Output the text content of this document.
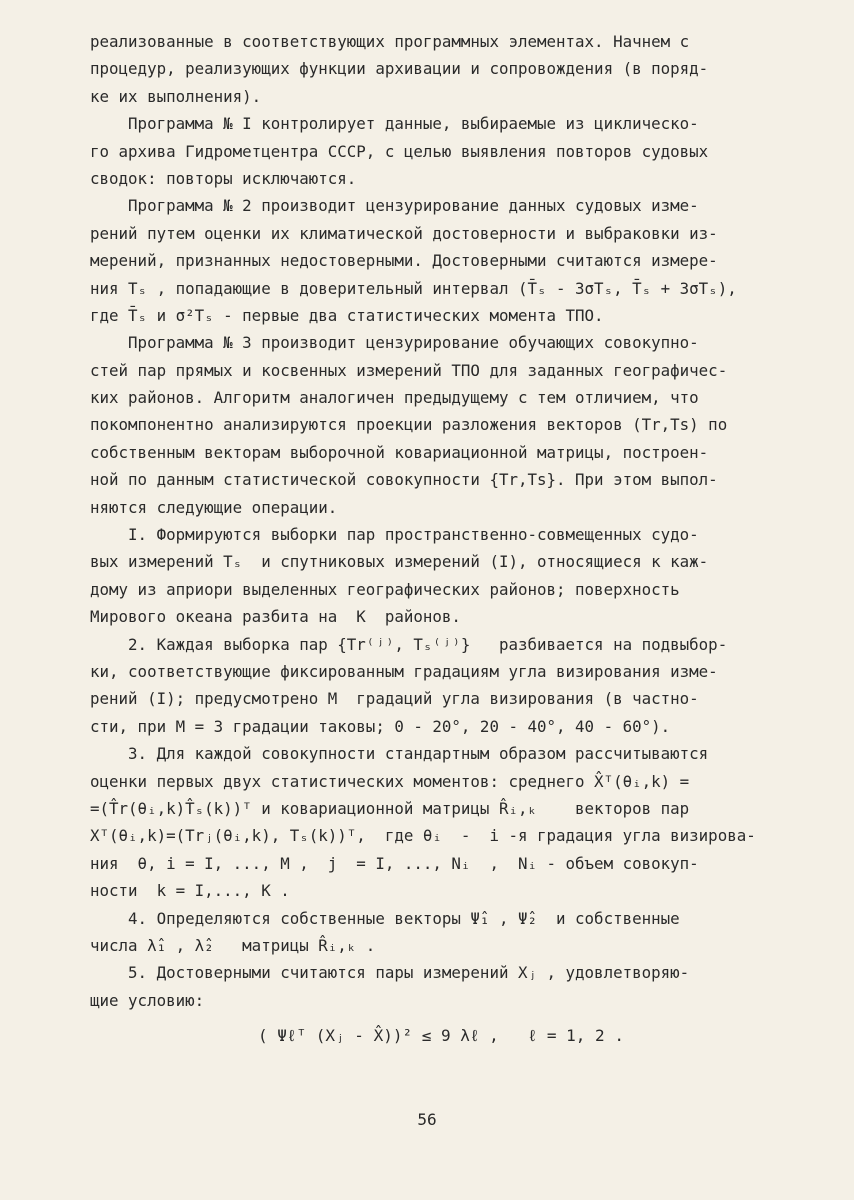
реализованные в соответствующих программных элементах. Начнем с
процедур, реализующих функции архивации и сопровождения (в поряд-
ке их выполнения).
Программа № I контролирует данные, выбираемые из циклическо-
го архива Гидрометцентра СССР, с целью выявления повторов судовых
сводок: повторы исключаются.
Программа № 2 производит цензурирование данных судовых изме-
рений путем оценки их климатической достоверности и выбраковки из-
мерений, признанных недостоверными. Достоверными считаются измере-
ния Tₛ , попадающие в доверительный интервал (T̄ₛ - 3σTₛ, T̄ₛ + 3σTₛ),
где T̄ₛ и σ²Tₛ - первые два статистических момента ТПО.
Программа № 3 производит цензурирование обучающих совокупно-
стей пар прямых и косвенных измерений ТПО для заданных географичес-
ких районов. Алгоритм аналогичен предыдущему с тем отличием, что
покомпонентно анализируются проекции разложения векторов (Tr,Ts) по
собственным векторам выборочной ковариационной матрицы, построен-
ной по данным статистической совокупности {Tr,Ts}. При этом выпол-
няются следующие операции.
I. Формируются выборки пар пространственно-совмещенных судо-
вых измерений Tₛ  и спутниковых измерений (I), относящиеся к каж-
дому из априори выделенных географических районов; поверхность
Мирового океана разбита на  K  районов.
2. Каждая выборка пар {Tr⁽ʲ⁾, Tₛ⁽ʲ⁾}   разбивается на подвыбор-
ки, соответствующие фиксированным градациям угла визирования изме-
рений (I); предусмотрено M  градаций угла визирования (в частно-
сти, при M = 3 градации таковы; 0 - 20°, 20 - 40°, 40 - 60°).
3. Для каждой совокупности стандартным образом рассчитываются
оценки первых двух статистических моментов: среднего X̂ᵀ(θᵢ,k) =
=(T̂r(θᵢ,k)T̂ₛ(k))ᵀ и ковариационной матрицы R̂ᵢ,ₖ    векторов пар
Xᵀ(θᵢ,k)=(Trⱼ(θᵢ,k), Tₛ(k))ᵀ,  где θᵢ  -  i -я градация угла визирова-
ния  θ, i = I, ..., M ,  j  = I, ..., Nᵢ  ,  Nᵢ - объем совокуп-
ности  k = I,..., K .
4. Определяются собственные векторы Ψ̂₁ , Ψ̂₂  и собственные
числа λ̂₁ , λ̂₂   матрицы R̂ᵢ,ₖ .
5. Достоверными считаются пары измерений Xⱼ , удовлетворяю-
щие условию:
( Ψℓᵀ (Xⱼ - X̂))² ≤ 9 λℓ ,   ℓ = 1, 2 .
56
